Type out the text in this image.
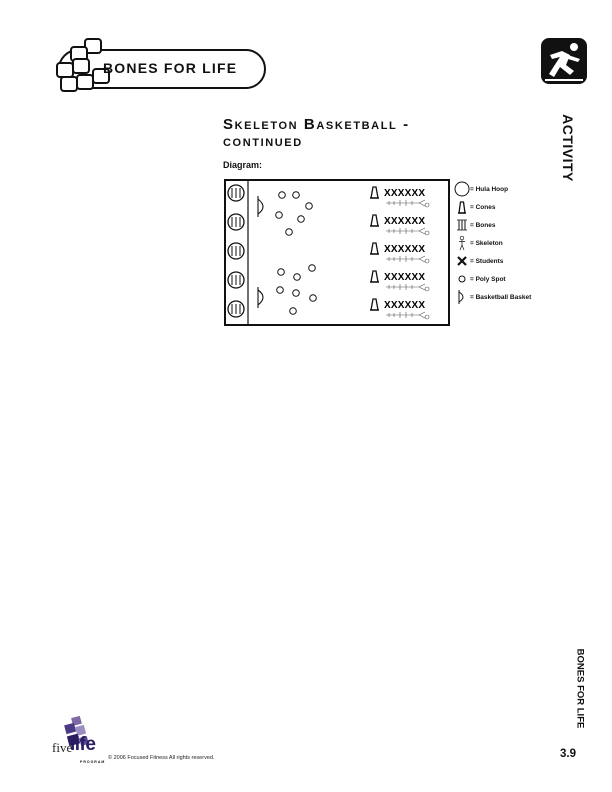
BONES FOR LIFE
ACTIVITY
Skeleton Basketball -
continued
Diagram:
XXXXXX
XXXXXX
XXXXXX
XXXXXX
XXXXXX
= Hula Hoop
= Cones
= Bones
= Skeleton
= Students
= Poly Spot
= Basketball Basket
BONES FOR LIFE
3.9
five
life
PROGRAM
© 2006 Focused Fitness All rights reserved.
